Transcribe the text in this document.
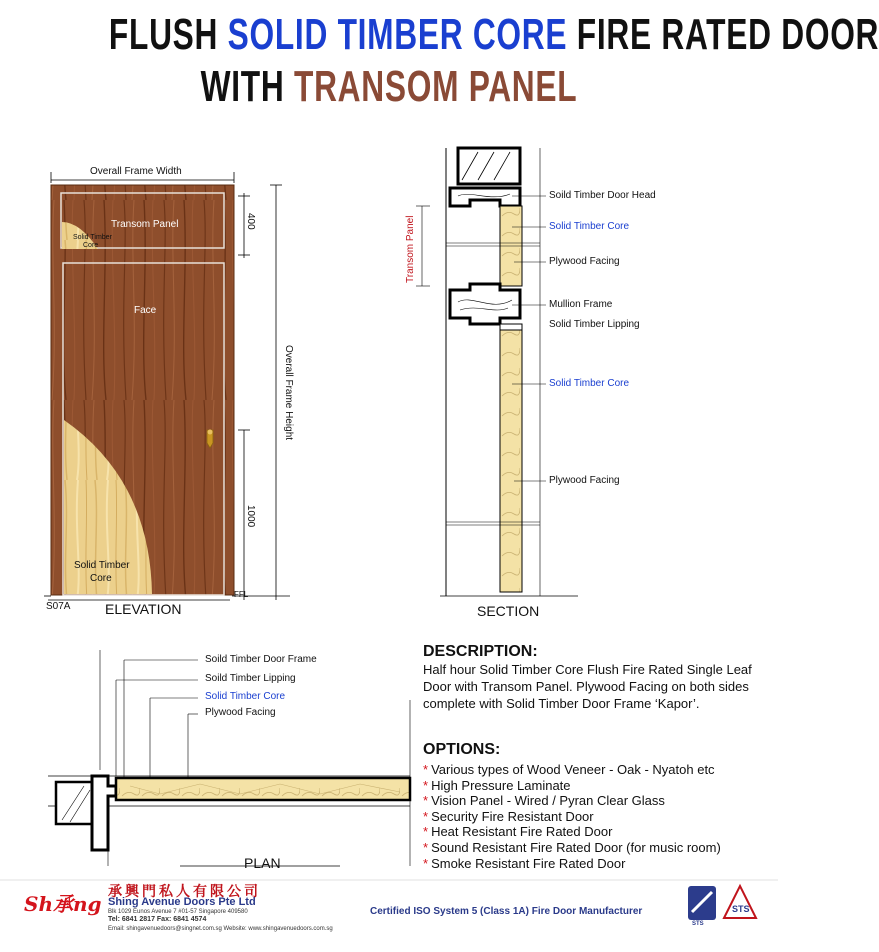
FLUSH SOLID TIMBER CORE FIRE RATED DOOR
WITH TRANSOM PANEL
Overall Frame Width
Transom Panel
Solid Timber
Core
Face
Solid Timber
Core
FFL
S07A ELEVATION
400
1000
Overall Frame Height
Transom Panel
Soild Timber Door Head
Solid Timber Core
Plywood Facing
Mullion Frame
Solid Timber Lipping
Solid Timber Core
Plywood Facing
SECTION
Soild Timber Door Frame
Soild Timber Lipping
Solid Timber Core
Plywood Facing
PLAN
DESCRIPTION:
Half hour Solid Timber Core Flush Fire Rated Single Leaf Door with Transom Panel. Plywood Facing on both sides complete with Solid Timber Door Frame ‘Kapor’.
OPTIONS:
* Various types of Wood Veneer - Oak - Nyatoh etc
* High Pressure Laminate
* Vision Panel - Wired / Pyran Clear Glass
* Security Fire Resistant Door
* Heat Resistant Fire Rated Door
* Sound Resistant Fire Rated Door (for music room)
* Smoke Resistant Fire Rated Door
Sh承ng
承興門私人有限公司
Shing Avenue Doors Pte Ltd
Blk 1029 Eunos Avenue 7 #01-57 Singapore 409580
Tel: 6841 2817 Fax: 6841 4574
Email: shingavenuedoors@singnet.com.sg Website: www.shingavenuedoors.com.sg
Certified ISO System 5 (Class 1A) Fire Door Manufacturer
STS
STS
